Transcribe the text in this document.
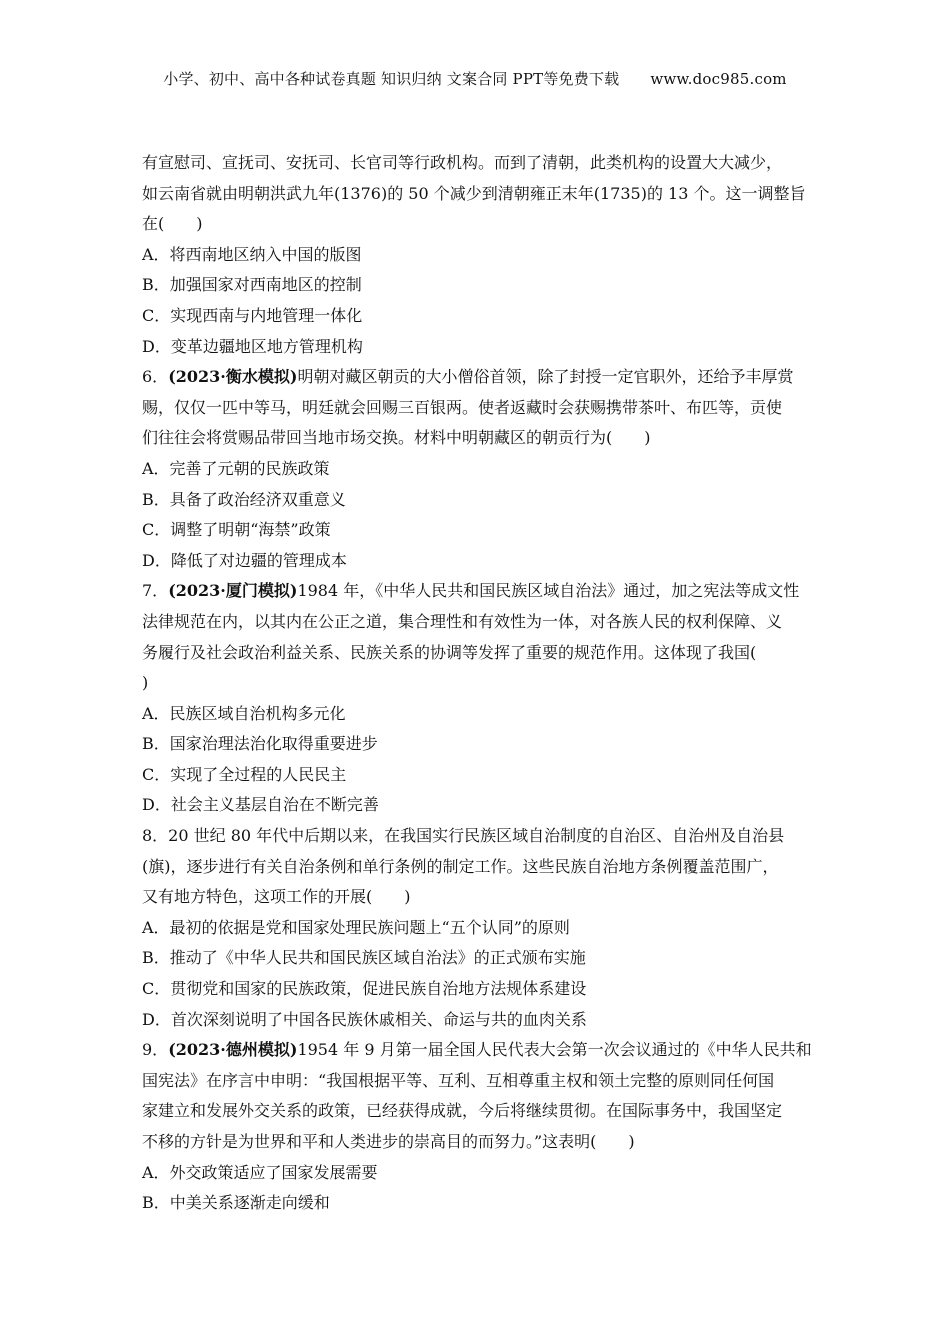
小学、初中、高中各种试卷真题 知识归纳 文案合同 PPT等免费下载 www.doc985.com

有宣慰司、宣抚司、安抚司、长官司等行政机构。而到了清朝，此类机构的设置大大减少，

如云南省就由明朝洪武九年(1376)的 50 个减少到清朝雍正末年(1735)的 13 个。这一调整旨

在(　　)

A．将西南地区纳入中国的版图

B．加强国家对西南地区的控制

C．实现西南与内地管理一体化

D．变革边疆地区地方管理机构

6．(2023·衡水模拟)明朝对藏区朝贡的大小僧俗首领，除了封授一定官职外，还给予丰厚赏

赐，仅仅一匹中等马，明廷就会回赐三百银两。使者返藏时会获赐携带茶叶、布匹等，贡使

们往往会将赏赐品带回当地市场交换。材料中明朝藏区的朝贡行为(　　)

A．完善了元朝的民族政策

B．具备了政治经济双重意义

C．调整了明朝“海禁”政策

D．降低了对边疆的管理成本

7．(2023·厦门模拟)1984 年，《中华人民共和国民族区域自治法》通过，加之宪法等成文性

法律规范在内，以其内在公正之道，集合理性和有效性为一体，对各族人民的权利保障、义

务履行及社会政治利益关系、民族关系的协调等发挥了重要的规范作用。这体现了我国(

)

A．民族区域自治机构多元化

B．国家治理法治化取得重要进步

C．实现了全过程的人民民主

D．社会主义基层自治在不断完善

8．20 世纪 80 年代中后期以来，在我国实行民族区域自治制度的自治区、自治州及自治县

(旗)，逐步进行有关自治条例和单行条例的制定工作。这些民族自治地方条例覆盖范围广，

又有地方特色，这项工作的开展(　　)

A．最初的依据是党和国家处理民族问题上“五个认同”的原则

B．推动了《中华人民共和国民族区域自治法》的正式颁布实施

C．贯彻党和国家的民族政策，促进民族自治地方法规体系建设

D．首次深刻说明了中国各民族休戚相关、命运与共的血肉关系

9．(2023·德州模拟)1954 年 9 月第一届全国人民代表大会第一次会议通过的《中华人民共和

国宪法》在序言中申明：“我国根据平等、互利、互相尊重主权和领土完整的原则同任何国

家建立和发展外交关系的政策，已经获得成就，今后将继续贯彻。在国际事务中，我国坚定

不移的方针是为世界和平和人类进步的崇高目的而努力。”这表明(　　)

A．外交政策适应了国家发展需要

B．中美关系逐渐走向缓和
